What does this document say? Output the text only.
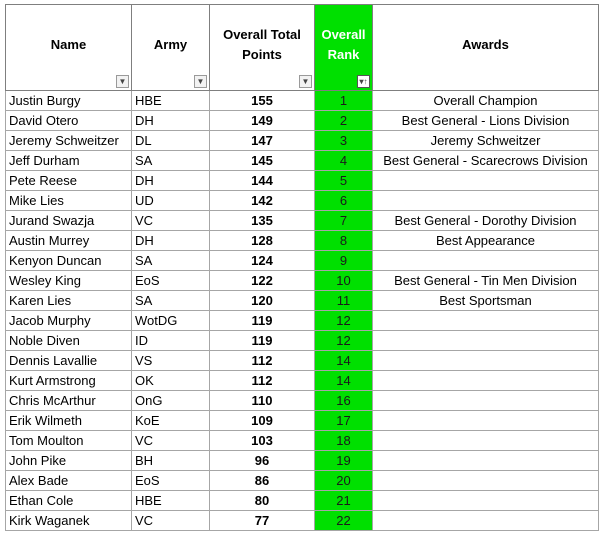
Name
▼	Army
▼	Overall Total
Points
▼	Overall
Rank
▾↑	Awards

Justin Burgy	HBE	155	1	Overall Champion
David Otero	DH	149	2	Best General - Lions Division
Jeremy Schweitzer	DL	147	3	Jeremy Schweitzer
Jeff Durham	SA	145	4	Best General - Scarecrows Division
Pete Reese	DH	144	5	
Mike Lies	UD	142	6	
Jurand Swazja	VC	135	7	Best General - Dorothy Division
Austin Murrey	DH	128	8	Best Appearance
Kenyon Duncan	SA	124	9	
Wesley King	EoS	122	10	Best General - Tin Men Division
Karen Lies	SA	120	11	Best Sportsman
Jacob Murphy	WotDG	119	12	
Noble Diven	ID	119	12	
Dennis Lavallie	VS	112	14	
Kurt Armstrong	OK	112	14	
Chris McArthur	OnG	110	16	
Erik Wilmeth	KoE	109	17	
Tom Moulton	VC	103	18	
John Pike	BH	96	19	
Alex Bade	EoS	86	20	
Ethan Cole	HBE	80	21	
Kirk Waganek	VC	77	22	
